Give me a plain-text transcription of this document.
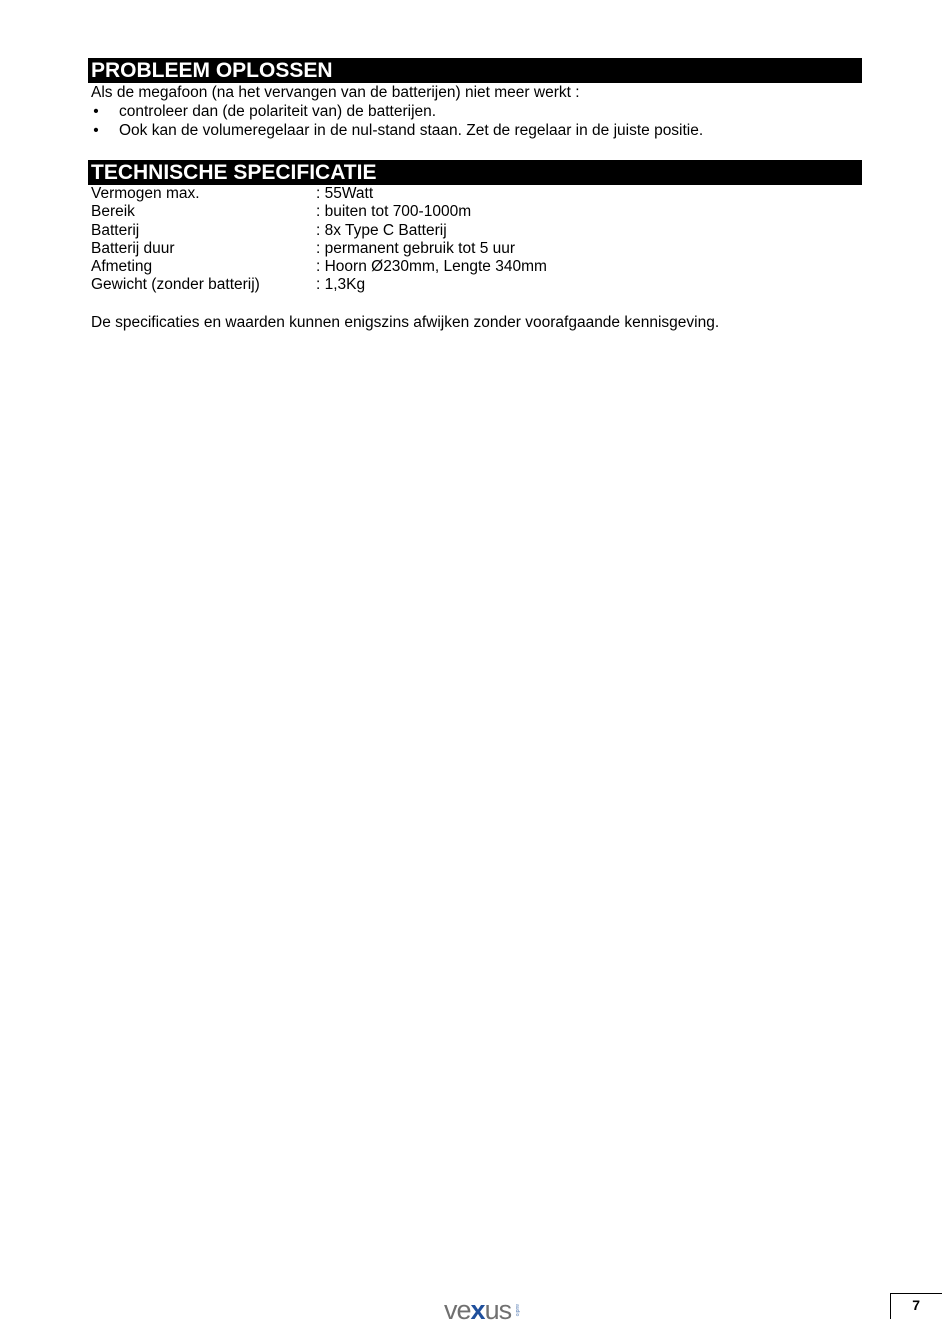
PROBLEEM OPLOSSEN
Als de megafoon (na het vervangen van de batterijen) niet meer werkt :
• controleer dan (de polariteit van) de batterijen.
• Ook kan de volumeregelaar in de nul-stand staan. Zet de regelaar in de juiste positie.
TECHNISCHE SPECIFICATIE
Vermogen max.	: 55Watt
Bereik	: buiten tot 700-1000m
Batterij	: 8x Type C Batterij
Batterij duur	: permanent gebruik tot 5 uur
Afmeting	: Hoorn Ø230mm, Lengte 340mm
Gewicht (zonder batterij)	: 1,3Kg
De specificaties en waarden kunnen enigszins afwijken zonder voorafgaande kennisgeving.
vexus audio	7
